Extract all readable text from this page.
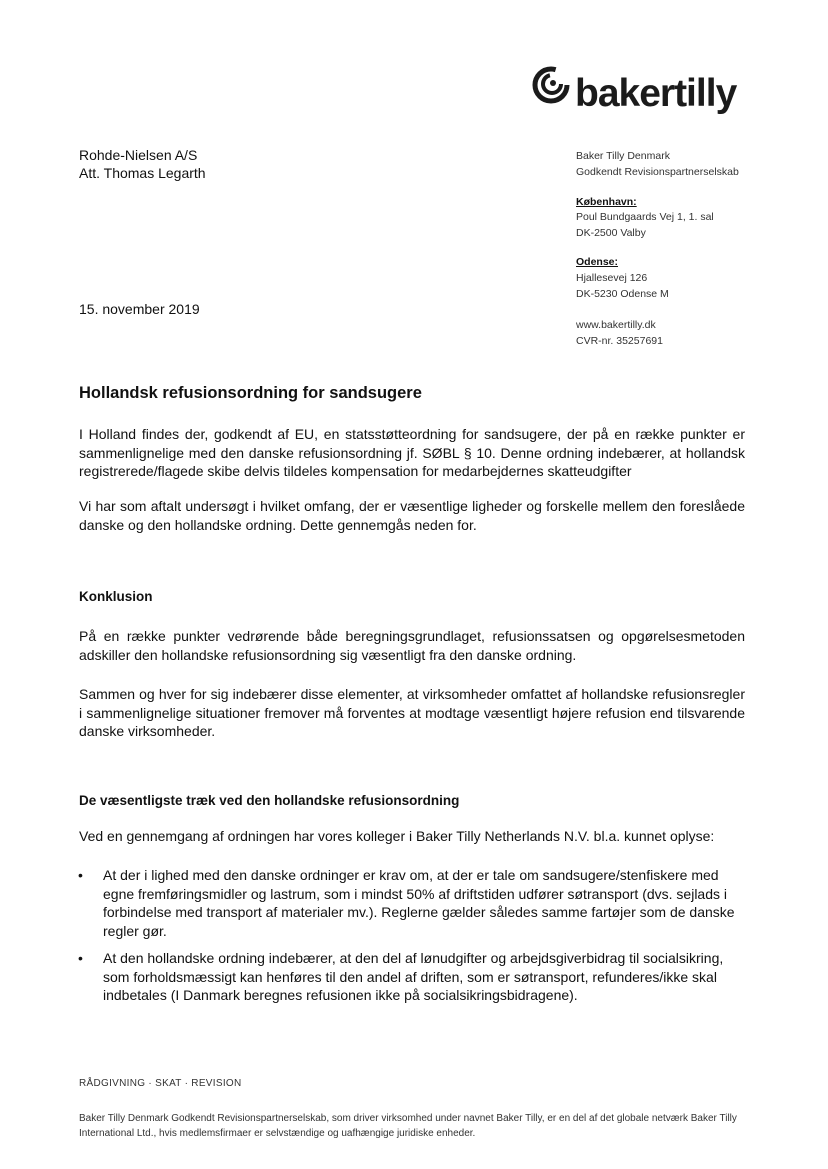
bakertilly
Rohde-Nielsen A/S
Att. Thomas Legarth
Baker Tilly Denmark
Godkendt Revisionspartnerselskab
København:
Poul Bundgaards Vej 1, 1. sal
DK-2500 Valby
Odense:
Hjallesevej 126
DK-5230 Odense M
www.bakertilly.dk
CVR-nr. 35257691
15. november 2019
Hollandsk refusionsordning for sandsugere
I Holland findes der, godkendt af EU, en statsstøtteordning for sandsugere, der på en række punkter er sammenlignelige med den danske refusionsordning jf. SØBL § 10. Denne ordning indebærer, at hollandsk registrerede/flagede skibe delvis tildeles kompensation for medarbejdernes skatteudgifter
Vi har som aftalt undersøgt i hvilket omfang, der er væsentlige ligheder og forskelle mellem den foreslåede danske og den hollandske ordning. Dette gennemgås neden for.
Konklusion
På en række punkter vedrørende både beregningsgrundlaget, refusionssatsen og opgørelsesmetoden adskiller den hollandske refusionsordning sig væsentligt fra den danske ordning.
Sammen og hver for sig indebærer disse elementer, at virksomheder omfattet af hollandske refusionsregler i sammenlignelige situationer fremover må forventes at modtage væsentligt højere refusion end tilsvarende danske virksomheder.
De væsentligste træk ved den hollandske refusionsordning
Ved en gennemgang af ordningen har vores kolleger i Baker Tilly Netherlands N.V. bl.a. kunnet oplyse:
• At der i lighed med den danske ordninger er krav om, at der er tale om sandsugere/stenfiskere med egne fremføringsmidler og lastrum, som i mindst 50% af driftstiden udfører søtransport (dvs. sejlads i forbindelse med transport af materialer mv.). Reglerne gælder således samme fartøjer som de danske regler gør.
• At den hollandske ordning indebærer, at den del af lønudgifter og arbejdsgiverbidrag til socialsikring, som forholdsmæssigt kan henføres til den andel af driften, som er søtransport, refunderes/ikke skal indbetales (I Danmark beregnes refusionen ikke på socialsikringsbidragene).
RÅDGIVNING · SKAT · REVISION
Baker Tilly Denmark Godkendt Revisionspartnerselskab, som driver virksomhed under navnet Baker Tilly, er en del af det globale netværk Baker Tilly International Ltd., hvis medlemsfirmaer er selvstændige og uafhængige juridiske enheder.
